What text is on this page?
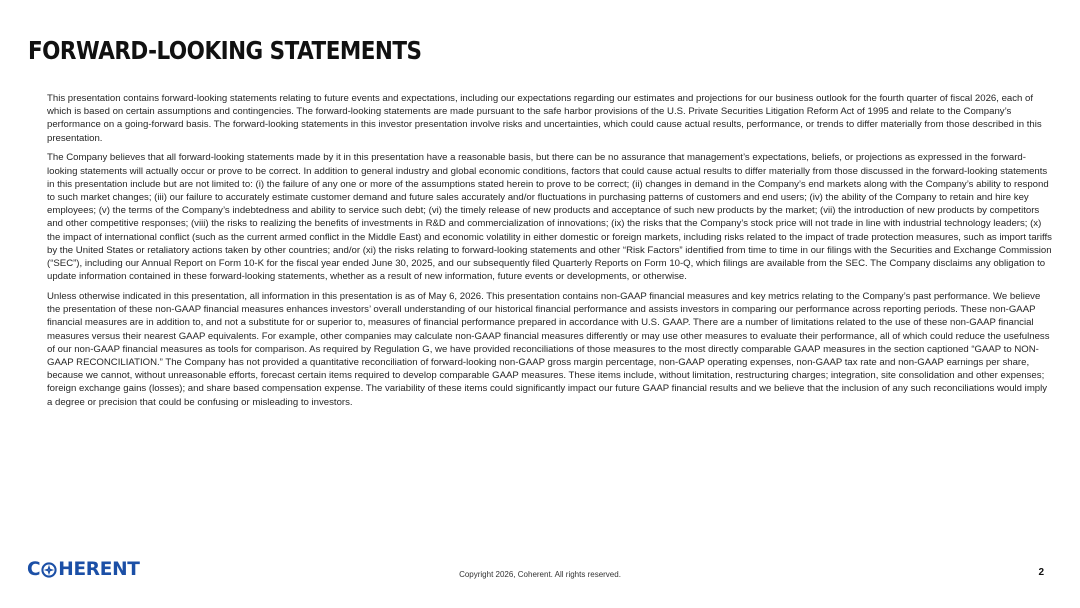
FORWARD-LOOKING STATEMENTS

This presentation contains forward-looking statements relating to future events and expectations, including our expectations regarding our estimates and projections for our business outlook for the fourth quarter of fiscal 2026, each of which is based on certain assumptions and contingencies. The forward-looking statements are made pursuant to the safe harbor provisions of the U.S. Private Securities Litigation Reform Act of 1995 and relate to the Company’s performance on a going-forward basis. The forward-looking statements in this investor presentation involve risks and uncertainties, which could cause actual results, performance, or trends to differ materially from those described in this presentation.

The Company believes that all forward-looking statements made by it in this presentation have a reasonable basis, but there can be no assurance that management’s expectations, beliefs, or projections as expressed in the forward-looking statements will actually occur or prove to be correct. In addition to general industry and global economic conditions, factors that could cause actual results to differ materially from those discussed in the forward-looking statements in this presentation include but are not limited to: (i) the failure of any one or more of the assumptions stated herein to prove to be correct; (ii) changes in demand in the Company’s end markets along with the Company’s ability to respond to such market changes; (iii) our failure to accurately estimate customer demand and future sales accurately and/or fluctuations in purchasing patterns of customers and end users; (iv) the ability of the Company to retain and hire key employees; (v) the terms of the Company’s indebtedness and ability to service such debt; (vi) the timely release of new products and acceptance of such new products by the market; (vii) the introduction of new products by competitors and other competitive responses; (viii) the risks to realizing the benefits of investments in R&D and commercialization of innovations; (ix) the risks that the Company’s stock price will not trade in line with industrial technology leaders; (x) the impact of international conflict (such as the current armed conflict in the Middle East) and economic volatility in either domestic or foreign markets, including risks related to the impact of trade protection measures, such as import tariffs by the United States or retaliatory actions taken by other countries; and/or (xi) the risks relating to forward-looking statements and other “Risk Factors” identified from time to time in our filings with the Securities and Exchange Commission (“SEC”), including our Annual Report on Form 10-K for the fiscal year ended June 30, 2025, and our subsequently filed Quarterly Reports on Form 10-Q, which filings are available from the SEC. The Company disclaims any obligation to update information contained in these forward-looking statements, whether as a result of new information, future events or developments, or otherwise.

Unless otherwise indicated in this presentation, all information in this presentation is as of May 6, 2026. This presentation contains non-GAAP financial measures and key metrics relating to the Company’s past performance. We believe the presentation of these non-GAAP financial measures enhances investors’ overall understanding of our historical financial performance and assists investors in comparing our performance across reporting periods. These non-GAAP financial measures are in addition to, and not a substitute for or superior to, measures of financial performance prepared in accordance with U.S. GAAP. There are a number of limitations related to the use of these non-GAAP financial measures versus their nearest GAAP equivalents. For example, other companies may calculate non-GAAP financial measures differently or may use other measures to evaluate their performance, all of which could reduce the usefulness of our non-GAAP financial measures as tools for comparison. As required by Regulation G, we have provided reconciliations of those measures to the most directly comparable GAAP measures in the section captioned “GAAP to NON-GAAP RECONCILIATION.” The Company has not provided a quantitative reconciliation of forward-looking non-GAAP gross margin percentage, non-GAAP operating expenses, non-GAAP tax rate and non-GAAP earnings per share, because we cannot, without unreasonable efforts, forecast certain items required to develop comparable GAAP measures. These items include, without limitation, restructuring charges; integration, site consolidation and other expenses; foreign exchange gains (losses); and share based compensation expense. The variability of these items could significantly impact our future GAAP financial results and we believe that the inclusion of any such reconciliations would imply a degree or precision that could be confusing or misleading to investors.

C HERENT	Copyright 2026, Coherent. All rights reserved.	2
